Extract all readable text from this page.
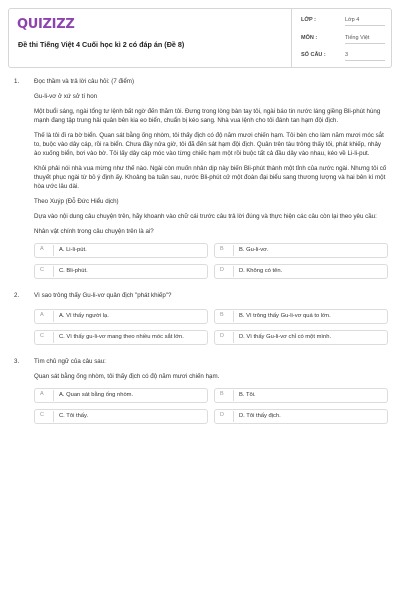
QUIZIZZ
Đề thi Tiếng Việt 4 Cuối học kì 2 có đáp án (Đề 8)
LỚP :	Lớp 4
MÔN :	Tiếng Việt
SỐ CÂU :	3
1. Đọc thầm và trả lời câu hỏi: (7 điểm)
Gu-li-vơ ở xứ sở tí hon
Một buổi sáng, ngài tổng tư lệnh bất ngờ đến thăm tôi. Đưng trong lòng bàn tay tôi, ngài báo tin nước láng giềng Bli-phút hùng mạnh đang tập trung hải quân bên kia eo biển, chuẩn bị kéo sang. Nhà vua lệnh cho tôi đánh tan hạm đội địch.
Thế là tôi đi ra bờ biển. Quan sát bằng ống nhòm, tôi thấy địch có độ năm mươi chiến hạm. Tôi bèn cho làm năm mươi móc sắt to, buộc vào dây cáp, rồi ra biển. Chưa đầy nửa giờ, tôi đã đến sát hạm đội địch. Quân trên tàu trông thấy tôi, phát khiếp, nhảy ào xuống biển, bơi vào bờ. Tôi lấy dây cáp móc vào từng chiếc hạm một rồi buộc tất cả đầu dây vào nhau, kéo về Li-li-put.
Khỏi phải nói nhà vua mừng như thế nào. Ngài còn muốn nhân dịp này biến Bli-phút thành một tỉnh của nước ngài. Nhưng tôi cố thuyết phục ngài từ bỏ ý định ấy. Khoảng ba tuần sau, nước Bli-phút cử một đoàn đại biểu sang thương lượng và hai bên kí một hòa ước lâu dài.
Theo Xuýp (Đỗ Đức Hiểu dịch)
Dựa vào nội dung câu chuyện trên, hãy khoanh vào chữ cái trước câu trả lời đúng và thực hiện các câu còn lại theo yêu cầu:
Nhân vật chính trong câu chuyện trên là ai?
A	A. Li-li-pút.	B	B. Gu-li-vơ.
C	C. Bli-phút.	D	D. Không có tên.
2. Vì sao trông thấy Gu-li-vơ quân địch "phát khiếp"?
A	A. Vì thấy người lạ.	B	B. Vì trông thấy Gu-li-vơ quá to lớn.
C	C. Vì thấy gu-li-vơ mang theo nhiều móc sắt lớn.	D	D. Vì thấy Gu-li-vơ chỉ có một mình.
3. Tìm chủ ngữ của câu sau:
Quan sát bằng ống nhòm, tôi thấy địch có độ năm mươi chiến hạm.
A	A. Quan sát bằng ống nhòm.	B	B. Tôi.
C	C. Tôi thấy.	D	D. Tôi thấy địch.
